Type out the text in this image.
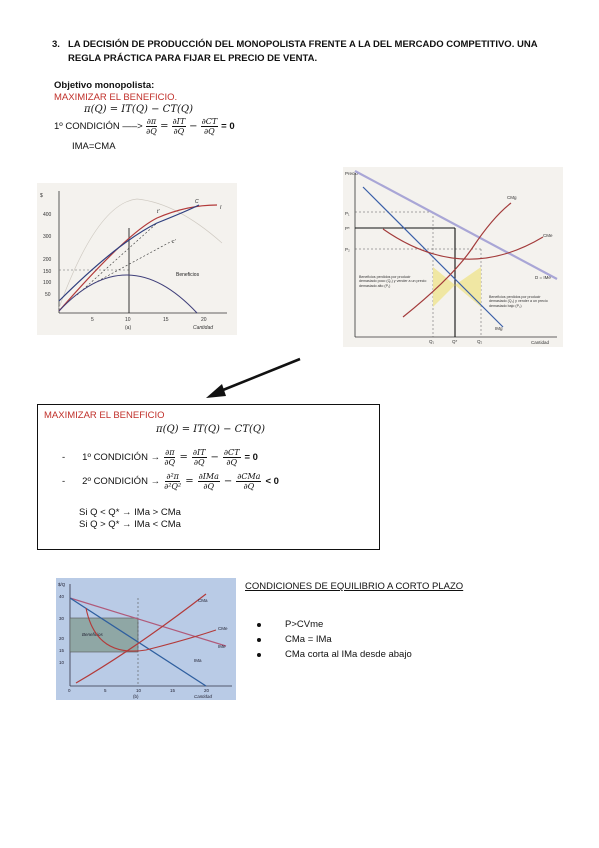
3. LA DECISIÓN DE PRODUCCIÓN DEL MONOPOLISTA FRENTE A LA DEL MERCADO COMPETITIVO. UNA REGLA PRÁCTICA PARA FIJAR EL PRECIO DE VENTA.
Objetivo monopolista:
MAXIMIZAR EL BENEFICIO.
π(Q) = IT(Q) − CT(Q)
1º CONDICIÓN —–> $\frac{\partial\pi}{\partial Q} = \frac{\partial IT}{\partial Q} - \frac{\partial CT}{\partial Q} = 0$
IMA=CMA
$
400
300
200
150
100
50
5	10	15	20
(a)	Cantidad
Beneficios
C
I
t'
c'
Precio
P₁
P*
P₂
CMg
CMe
D = IMe
IMg
Q₁	Q*	Q₂	Cantidad
Beneficios perdidos por producir demasiado poco (Q₁) y vender a un precio demasiado alto (P₁)
Beneficios perdidos por producir demasiado (Q₂) y vender a un precio demasiado bajo (P₂)
MAXIMIZAR EL BENEFICIO
π(Q) = IT(Q) − CT(Q)
- 1º CONDICIÓN → $\frac{\partial\pi}{\partial Q} = \frac{\partial IT}{\partial Q} - \frac{\partial CT}{\partial Q} = 0$
- 2º CONDICIÓN → $\frac{\text{∂²π}}{\text{∂²Q²}} = \frac{\text{∂IMa}}{\partial Q} - \frac{\text{∂CMa}}{\partial Q} < 0$
Si Q < Q* → IMa > CMa
Si Q > Q* → IMa < CMa
$/Q
40
30
20
15
10
0	5	10	15	20
(b)	Cantidad
Beneficios
CMa
CMe
IMe
IMa
CONDICIONES DE EQUILIBRIO A CORTO PLAZO
P>CVme
CMa = IMa
CMa corta al IMa desde abajo
